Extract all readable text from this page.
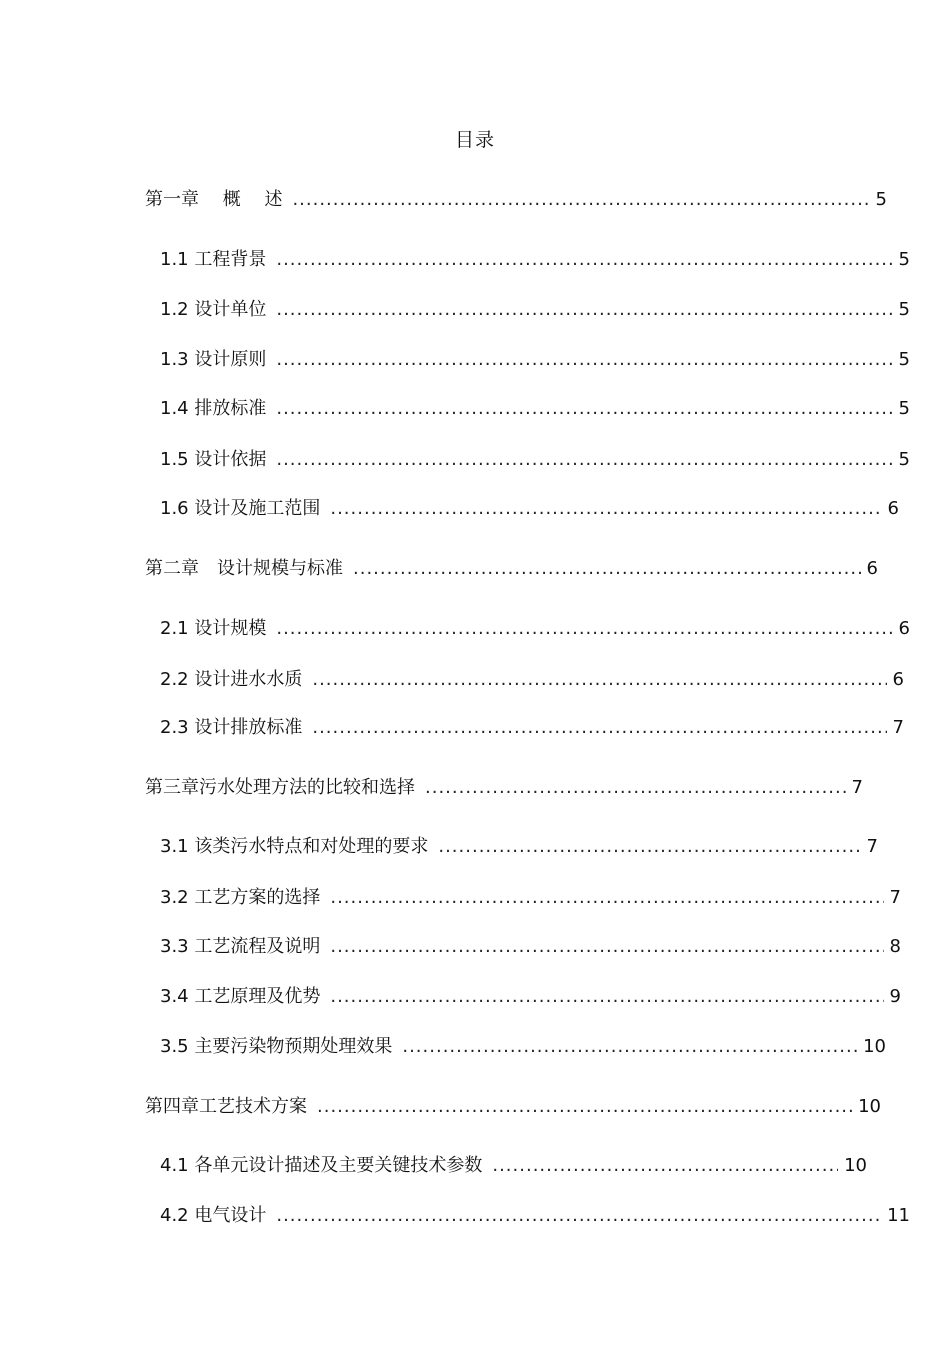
目录
第一章　 概　 述 .....	5
1.1 工程背景 .....	5
1.2 设计单位 .....	5
1.3 设计原则 .....	5
1.4 排放标准 .....	5
1.5 设计依据 .....	5
1.6 设计及施工范围 .....	6
第二章　设计规模与标准 .....	6
2.1 设计规模 .....	6
2.2 设计进水水质 .....	6
2.3 设计排放标准 .....	7
第三章污水处理方法的比较和选择 .....	7
3.1 该类污水特点和对处理的要求 .....	7
3.2 工艺方案的选择 .....	7
3.3 工艺流程及说明 .....	8
3.4 工艺原理及优势 .....	9
3.5 主要污染物预期处理效果 .....	10
第四章工艺技术方案 .....	10
4.1 各单元设计描述及主要关键技术参数 .....	10
4.2 电气设计 .....	11
